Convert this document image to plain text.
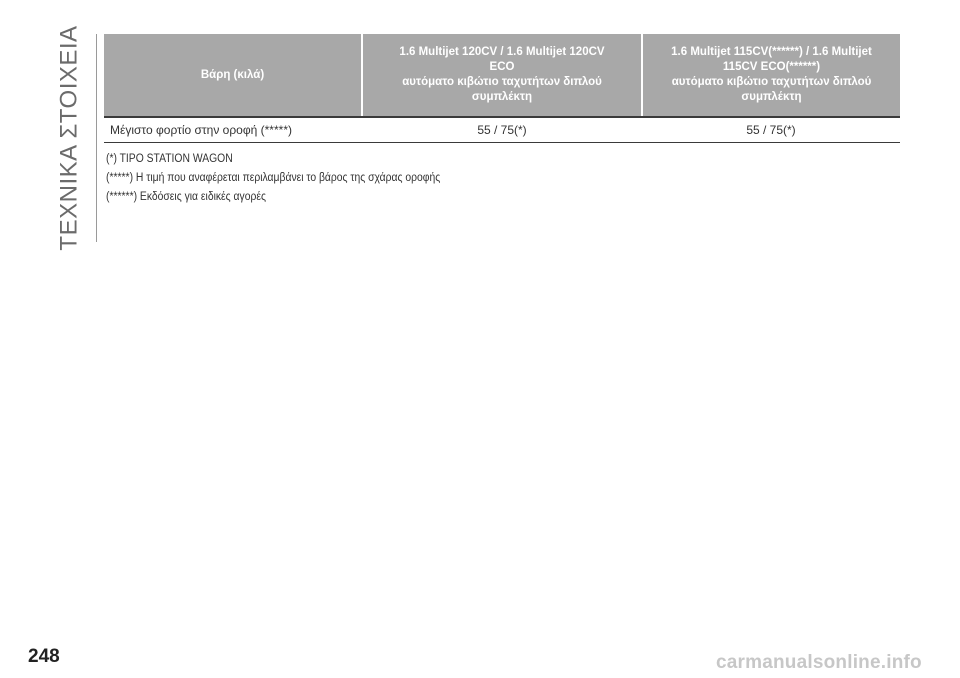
ΤΕΧΝΙΚΑ ΣΤΟΙΧΕΙΑ	Βάρη (κιλά)	1.6 Multijet 120CV / 1.6 Multijet 120CV
ECO
αυτόματο κιβώτιο ταχυτήτων διπλού
συμπλέκτη	1.6 Multijet 115CV(******) / 1.6 Multijet
115CV ECO(******)
αυτόματο κιβώτιο ταχυτήτων διπλού
συμπλέκτη

Μέγιστο φορτίο στην οροφή (*****)	55 / 75(*)	55 / 75(*)
(*) TIPO STATION WAGON
(*****) Η τιμή που αναφέρεται περιλαμβάνει το βάρος της σχάρας οροφής
(******) Εκδόσεις για ειδικές αγορές
248	carmanualsonline.info
